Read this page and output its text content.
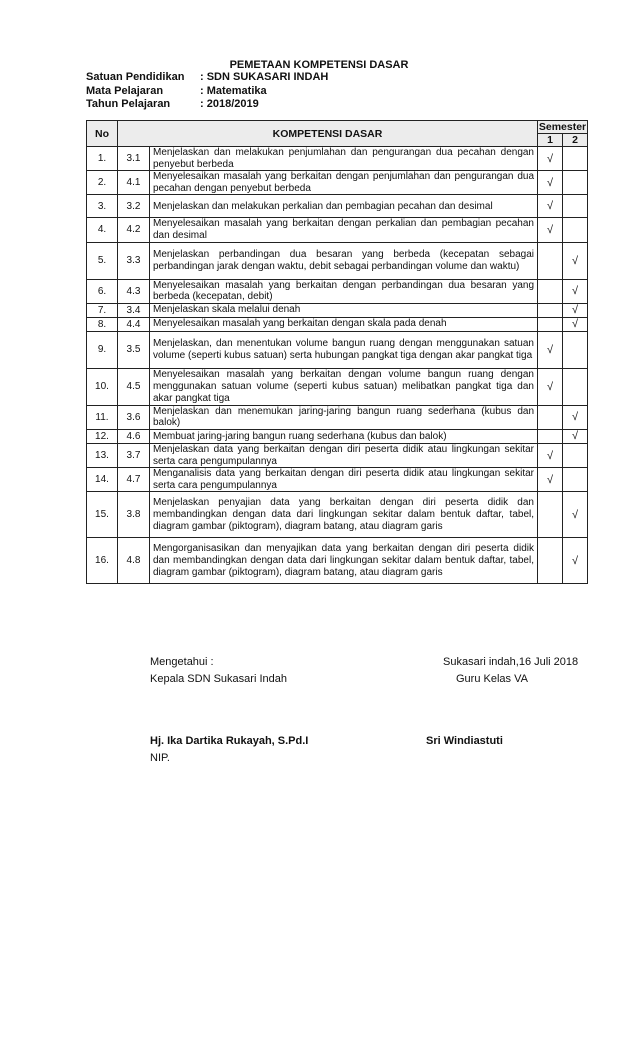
PEMETAAN KOMPETENSI DASAR
Satuan Pendidikan : SDN SUKASARI INDAH
Mata Pelajaran	: Matematika
Tahun Pelajaran	: 2018/2019
No	KOMPETENSI DASAR		Semester	
			1	2
1.	3.1	Menjelaskan dan melakukan penjumlahan dan pengurangan dua pecahan dengan penyebut berbeda	√	
2.	4.1	Menyelesaikan masalah yang berkaitan dengan penjumlahan dan pengurangan dua pecahan dengan penyebut berbeda	√	
3.	3.2	Menjelaskan dan melakukan perkalian dan pembagian pecahan dan desimal	√	
4.	4.2	Menyelesaikan masalah yang berkaitan dengan perkalian dan pembagian pecahan dan desimal	√	
5.	3.3	Menjelaskan perbandingan dua besaran yang berbeda (kecepatan sebagai perbandingan jarak dengan waktu, debit sebagai perbandingan volume dan waktu)		√
6.	4.3	Menyelesaikan masalah yang berkaitan dengan perbandingan dua besaran yang berbeda (kecepatan, debit)		√
7.	3.4	Menjelaskan skala melalui denah		√
8.	4.4	Menyelesaikan masalah yang berkaitan dengan skala pada denah		√
9.	3.5	Menjelaskan, dan menentukan volume bangun ruang dengan menggunakan satuan volume (seperti kubus satuan) serta hubungan pangkat tiga dengan akar pangkat tiga	√	
10.	4.5	Menyelesaikan masalah yang berkaitan dengan volume bangun ruang dengan menggunakan satuan volume (seperti kubus satuan) melibatkan pangkat tiga dan akar pangkat tiga	√	
11.	3.6	Menjelaskan dan menemukan jaring-jaring bangun ruang sederhana (kubus dan balok)		√
12.	4.6	Membuat jaring-jaring bangun ruang sederhana (kubus dan balok)		√
13.	3.7	Menjelaskan data yang berkaitan dengan diri peserta didik atau lingkungan sekitar serta cara pengumpulannya	√	
14.	4.7	Menganalisis data yang berkaitan dengan diri peserta didik atau lingkungan sekitar serta cara pengumpulannya	√	
15.	3.8	Menjelaskan penyajian data yang berkaitan dengan diri peserta didik dan membandingkan dengan data dari lingkungan sekitar dalam bentuk daftar, tabel, diagram gambar (piktogram), diagram batang, atau diagram garis		√
16.	4.8	Mengorganisasikan dan menyajikan data yang berkaitan dengan diri peserta didik dan membandingkan dengan data dari lingkungan sekitar dalam bentuk daftar, tabel, diagram gambar (piktogram), diagram batang, atau diagram garis		√
Mengetahui :
Kepala SDN Sukasari Indah
Sukasari indah,16 Juli 2018
Guru Kelas VA
Hj. Ika Dartika Rukayah, S.Pd.I
NIP.
Sri Windiastuti
